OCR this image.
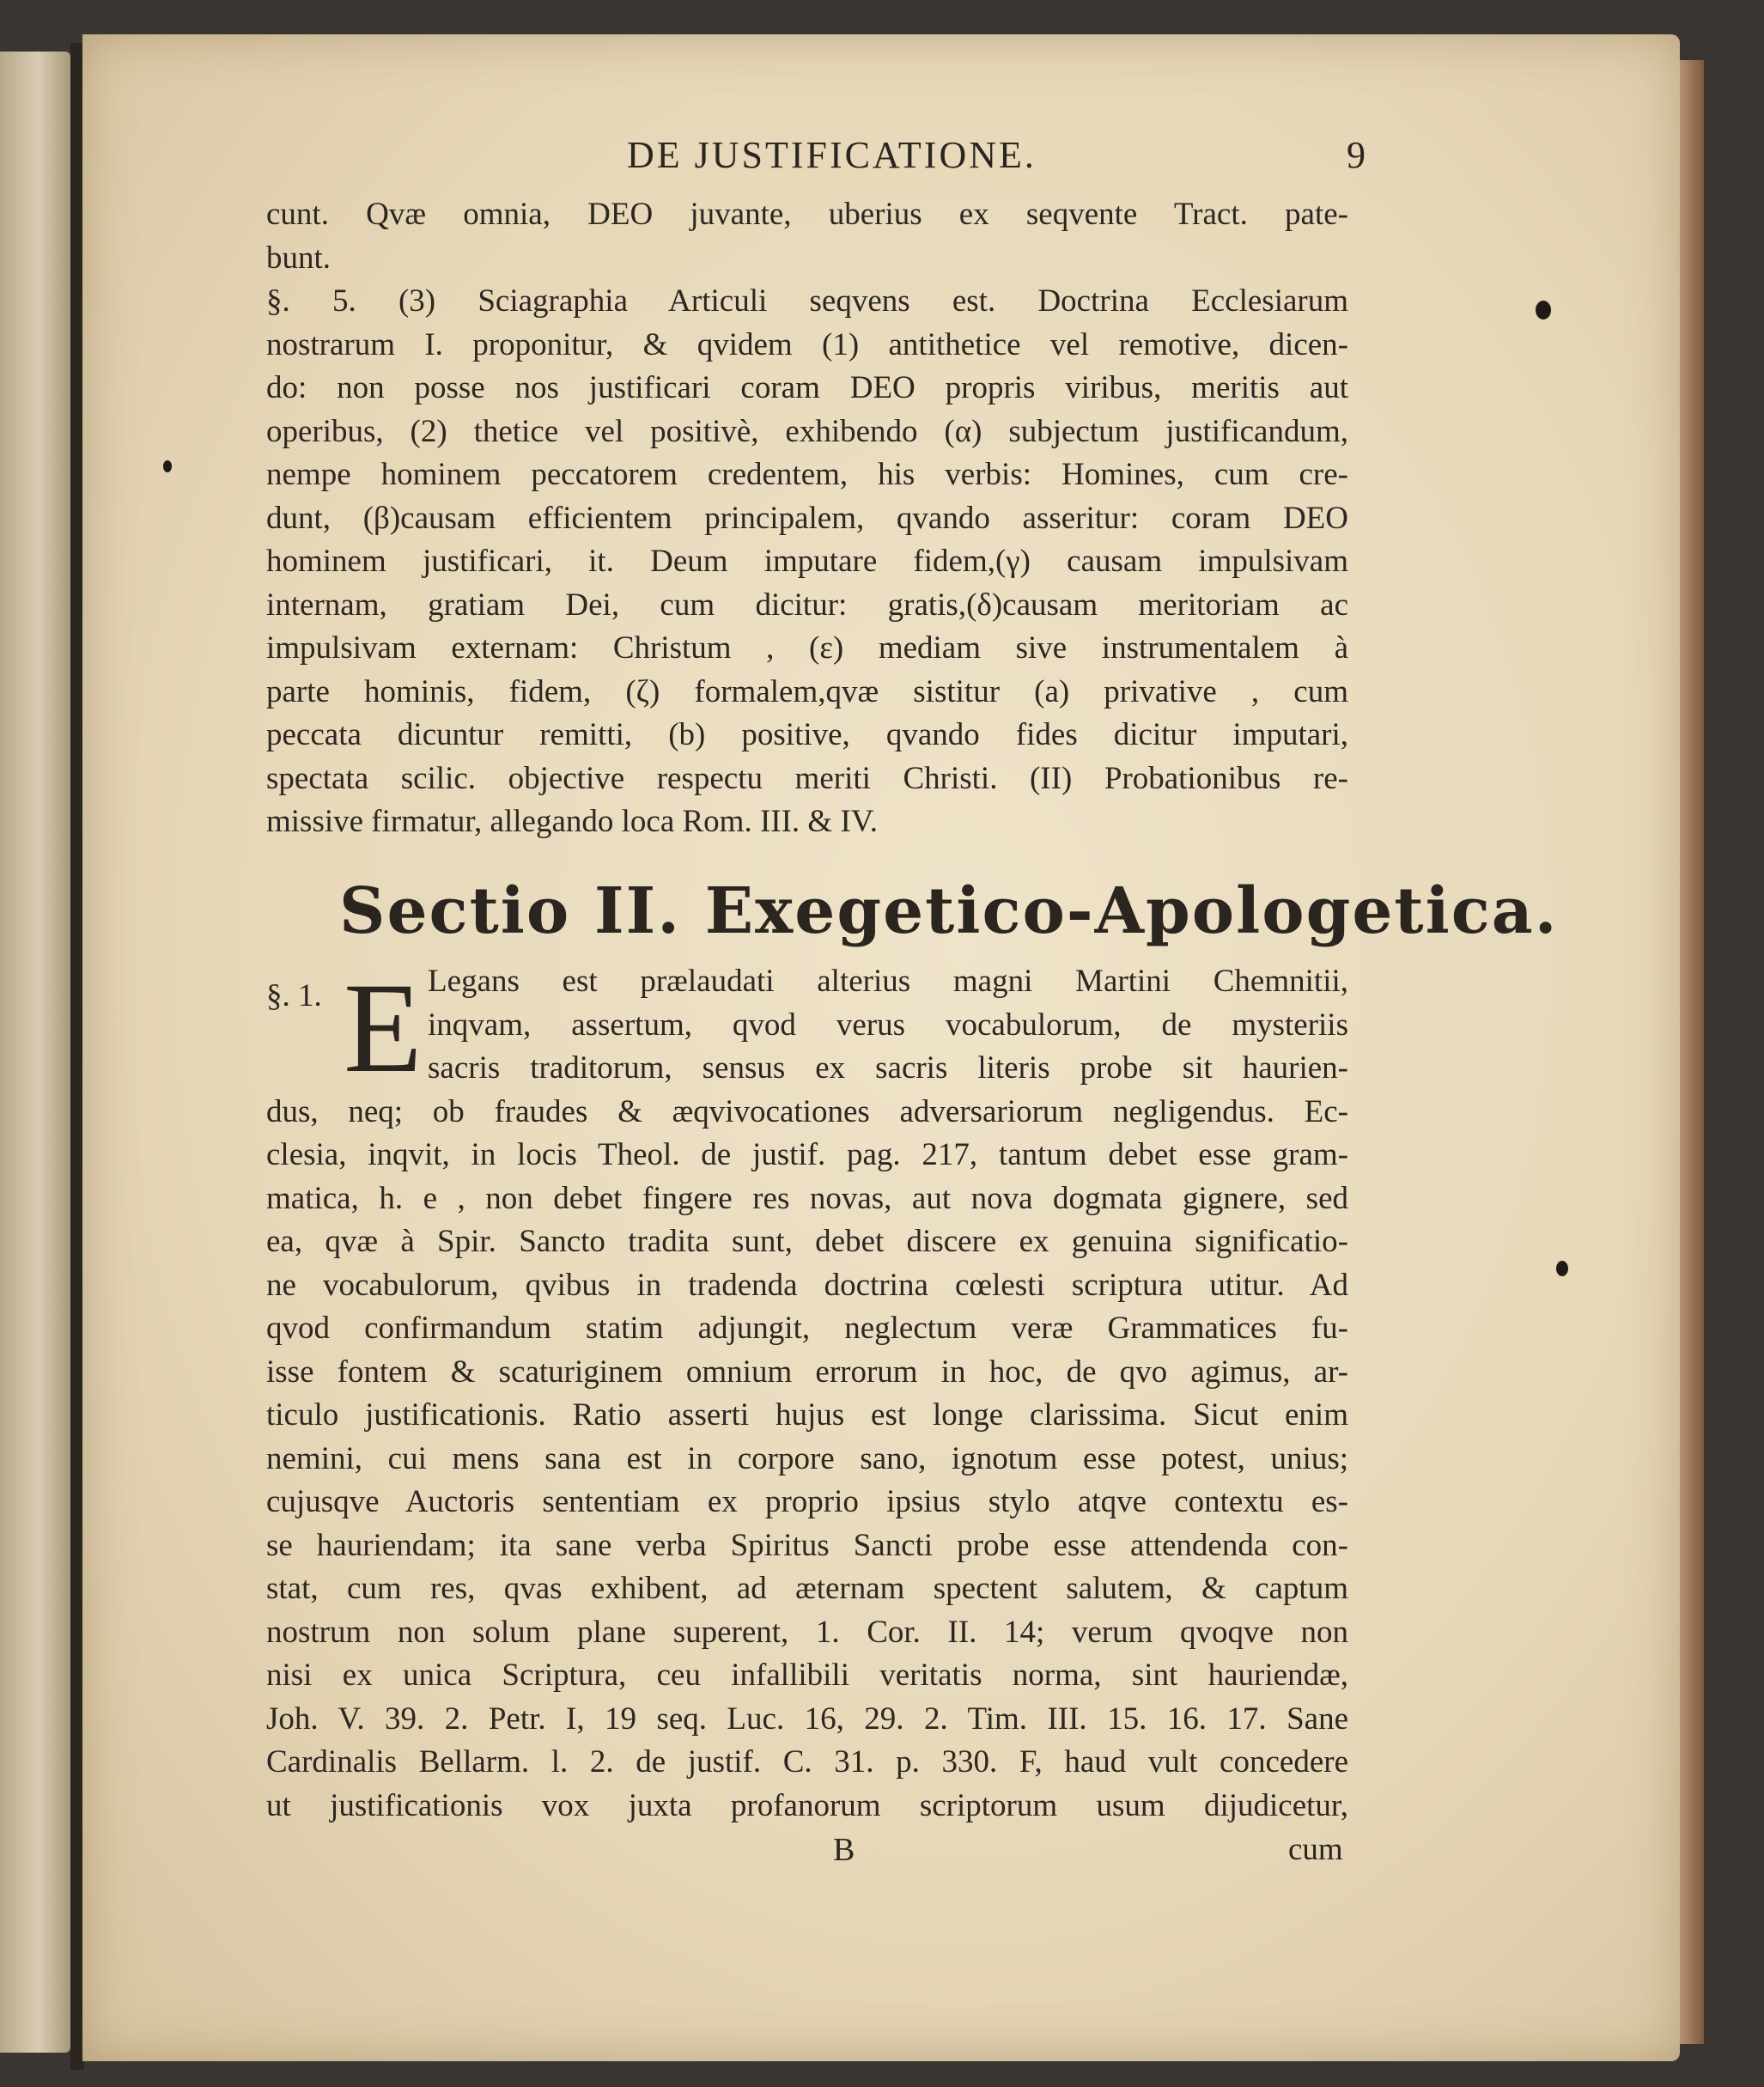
DE JUSTIFICATIONE.	9
cunt. Qvæ omnia, DEO juvante, uberius ex seqvente Tract. pate-
bunt.
§. 5. (3) Sciagraphia Articuli seqvens est. Doctrina Ecclesiarum
nostrarum I. proponitur, & qvidem (1) antithetice vel remotive, dicen-
do: non posse nos justificari coram DEO propris viribus, meritis aut
operibus, (2) thetice vel positivè, exhibendo (α) subjectum justificandum,
nempe hominem peccatorem credentem, his verbis: Homines, cum cre-
dunt, (β)causam efficientem principalem, qvando asseritur: coram DEO
hominem justificari, it. Deum imputare fidem,(γ) causam impulsivam
internam, gratiam Dei, cum dicitur: gratis,(δ)causam meritoriam ac
impulsivam externam: Christum , (ε) mediam sive instrumentalem à
parte hominis, fidem, (ζ) formalem,qvæ sistitur (a) privative , cum
peccata dicuntur remitti, (b) positive, qvando fides dicitur imputari,
spectata scilic. objective respectu meriti Christi. (II) Probationibus re-
missive firmatur, allegando loca Rom. III. & IV.
Sectio II. Exegetico-Apologetica.
§. 1. E Legans est prælaudati alterius magni Martini Chemnitii,
inqvam, assertum, qvod verus vocabulorum, de mysteriis
sacris traditorum, sensus ex sacris literis probe sit haurien-
dus, neq; ob fraudes & æqvivocationes adversariorum negligendus. Ec-
clesia, inqvit, in locis Theol. de justif. pag. 217, tantum debet esse gram-
matica, h. e , non debet fingere res novas, aut nova dogmata gignere, sed
ea, qvæ à Spir. Sancto tradita sunt, debet discere ex genuina significatio-
ne vocabulorum, qvibus in tradenda doctrina cœlesti scriptura utitur. Ad
qvod confirmandum statim adjungit, neglectum veræ Grammatices fu-
isse fontem & scaturiginem omnium errorum in hoc, de qvo agimus, ar-
ticulo justificationis. Ratio asserti hujus est longe clarissima. Sicut enim
nemini, cui mens sana est in corpore sano, ignotum esse potest, unius;
cujusqve Auctoris sententiam ex proprio ipsius stylo atqve contextu es-
se hauriendam; ita sane verba Spiritus Sancti probe esse attendenda con-
stat, cum res, qvas exhibent, ad æternam spectent salutem, & captum
nostrum non solum plane superent, 1. Cor. II. 14; verum qvoqve non
nisi ex unica Scriptura, ceu infallibili veritatis norma, sint hauriendæ,
Joh. V. 39. 2. Petr. I, 19 seq. Luc. 16, 29. 2. Tim. III. 15. 16. 17. Sane
Cardinalis Bellarm. l. 2. de justif. C. 31. p. 330. F, haud vult concedere
ut justificationis vox juxta profanorum scriptorum usum dijudicetur,
B	cum
